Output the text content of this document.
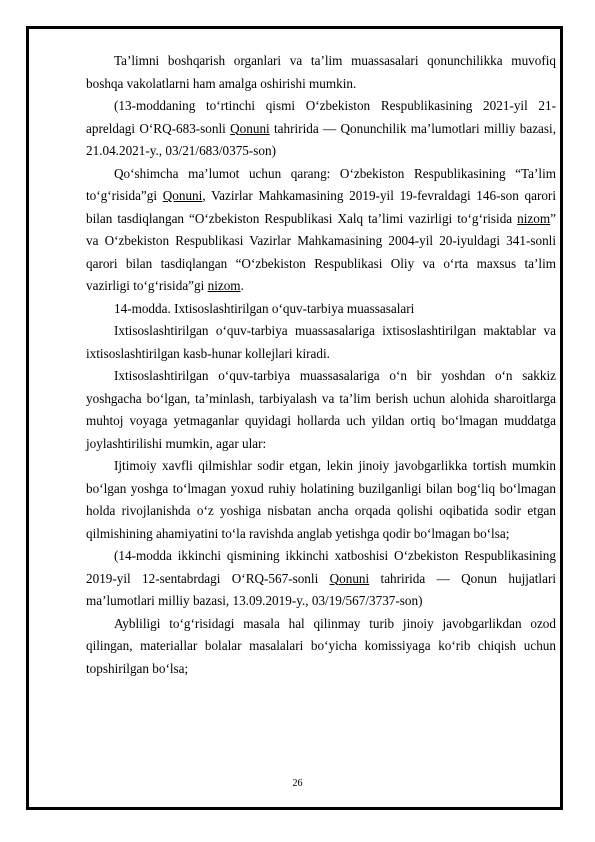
Ta’limni boshqarish organlari va ta’lim muassasalari qonunchilikka muvofiq boshqa vakolatlarni ham amalga oshirishi mumkin.

(13-moddaning to‘rtinchi qismi O‘zbekiston Respublikasining 2021-yil 21-apreldagi O‘RQ-683-sonli Qonuni tahririda — Qonunchilik ma’lumotlari milliy bazasi, 21.04.2021-y., 03/21/683/0375-son)

Qo‘shimcha ma’lumot uchun qarang: O‘zbekiston Respublikasining “Ta’lim to‘g‘risida”gi Qonuni, Vazirlar Mahkamasining 2019-yil 19-fevraldagi 146-son qarori bilan tasdiqlangan “O‘zbekiston Respublikasi Xalq ta’limi vazirligi to‘g‘risida nizom” va O‘zbekiston Respublikasi Vazirlar Mahkamasining 2004-yil 20-iyuldagi 341-sonli qarori bilan tasdiqlangan “O‘zbekiston Respublikasi Oliy va o‘rta maxsus ta’lim vazirligi to‘g‘risida”gi nizom.

14-modda. Ixtisoslashtirilgan o‘quv-tarbiya muassasalari

Ixtisoslashtirilgan o‘quv-tarbiya muassasalariga ixtisoslashtirilgan maktablar va ixtisoslashtirilgan kasb-hunar kollejlari kiradi.

Ixtisoslashtirilgan o‘quv-tarbiya muassasalariga o‘n bir yoshdan o‘n sakkiz yoshgacha bo‘lgan, ta’minlash, tarbiyalash va ta’lim berish uchun alohida sharoitlarga muhtoj voyaga yetmaganlar quyidagi hollarda uch yildan ortiq bo‘lmagan muddatga joylashtirilishi mumkin, agar ular:

Ijtimoiy xavfli qilmishlar sodir etgan, lekin jinoiy javobgarlikka tortish mumkin bo‘lgan yoshga to‘lmagan yoxud ruhiy holatining buzilganligi bilan bog‘liq bo‘lmagan holda rivojlanishda o‘z yoshiga nisbatan ancha orqada qolishi oqibatida sodir etgan qilmishining ahamiyatini to‘la ravishda anglab yetishga qodir bo‘lmagan bo‘lsa;

(14-modda ikkinchi qismining ikkinchi xatboshisi O‘zbekiston Respublikasining 2019-yil 12-sentabrdagi O‘RQ-567-sonli Qonuni tahririda — Qonun hujjatlari ma’lumotlari milliy bazasi, 13.09.2019-y., 03/19/567/3737-son)

Aybliligi to‘g‘risidagi masala hal qilinmay turib jinoiy javobgarlikdan ozod qilingan, materiallar bolalar masalalari bo‘yicha komissiyaga ko‘rib chiqish uchun topshirilgan bo‘lsa;

26
